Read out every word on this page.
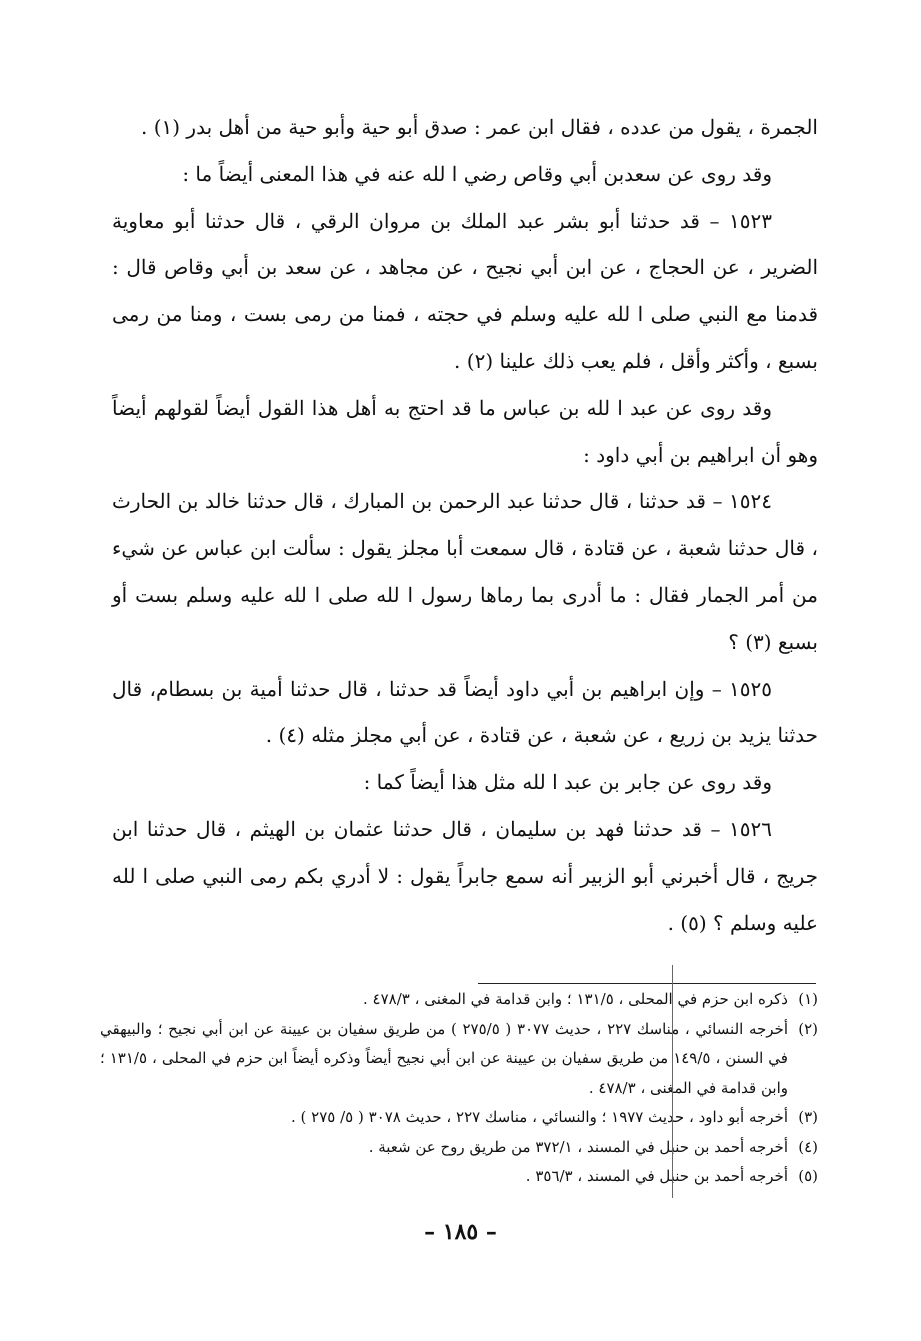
الجمرة ، يقول من عدده ، فقال ابن عمر : صدق أبو حية وأبو حية من أهل بدر (١) .

وقد روى عن سعدبن أبي وقاص رضي ا لله عنه في هذا المعنى أيضاً ما :

١٥٢٣ – قد حدثنا أبو بشر عبد الملك بن مروان الرقي ، قال حدثنا أبو معاوية الضرير ، عن الحجاج ، عن ابن أبي نجيح ، عن مجاهد ، عن سعد بن أبي وقاص قال : قدمنا مع النبي صلى ا لله عليه وسلم في حجته ، فمنا من رمى بست ، ومنا من رمى بسبع ، وأكثر وأقل ، فلم يعب ذلك علينا (٢) .

وقد روى عن عبد ا لله بن عباس ما قد احتج به أهل هذا القول أيضاً لقولهم أيضاً وهو أن ابراهيم بن أبي داود :

١٥٢٤ – قد حدثنا ، قال حدثنا عبد الرحمن بن المبارك ، قال حدثنا خالد بن الحارث ، قال حدثنا شعبة ، عن قتادة ، قال سمعت أبا مجلز يقول : سألت ابن عباس عن شيء من أمر الجمار فقال : ما أدرى بما رماها رسول ا لله صلى ا لله عليه وسلم بست أو بسبع (٣) ؟

١٥٢٥ – وإن ابراهيم بن أبي داود أيضاً قد حدثنا ، قال حدثنا أمية بن بسطام، قال حدثنا يزيد بن زريع ، عن شعبة ، عن قتادة ، عن أبي مجلز مثله (٤) .

وقد روى عن جابر بن عبد ا لله مثل هذا أيضاً كما :

١٥٢٦ – قد حدثنا فهد بن سليمان ، قال حدثنا عثمان بن الهيثم ، قال حدثنا ابن جريج ، قال أخبرني أبو الزبير أنه سمع جابراً يقول : لا أدري بكم رمى النبي صلى ا لله عليه وسلم ؟ (٥) .

(١)
ذكره ابن حزم في المحلى ، ١٣١/٥ ؛ وابن قدامة في المغنى ، ٤٧٨/٣ .
(٢)
أخرجه النسائي ، مناسك ٢٢٧ ، حديث ٣٠٧٧ ( ٢٧٥/٥ ) من طريق سفيان بن عيينة عن ابن أبي نجيح ؛ والبيهقي في السنن ، ١٤٩/٥ من طريق سفيان بن عيينة عن ابن أبي نجيح أيضاً وذكره أيضاً ابن حزم في المحلى ، ١٣١/٥ ؛ وابن قدامة في المغنى ، ٤٧٨/٣ .
(٣)
أخرجه أبو داود ، حديث ١٩٧٧ ؛ والنسائي ، مناسك ٢٢٧ ، حديث ٣٠٧٨ ( ٥/ ٢٧٥ ) .
(٤)
أخرجه أحمد بن حنبل في المسند ، ٣٧٢/١ من طريق روح عن شعبة .
(٥)
أخرجه أحمد بن حنبل في المسند ، ٣٥٦/٣ .
– ١٨٥ –
